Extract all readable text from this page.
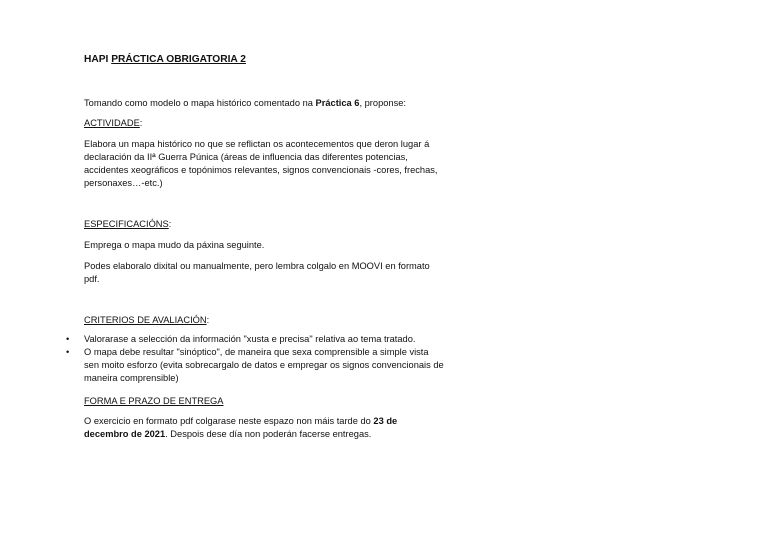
HAPI PRÁCTICA OBRIGATORIA 2
Tomando como modelo o mapa histórico comentado na Práctica 6, proponse:
ACTIVIDADE:
Elabora un mapa histórico no que se reflictan os acontecementos que deron lugar á declaración da IIª Guerra Púnica (áreas de influencia das diferentes potencias, accidentes xeográficos e topónimos relevantes, signos convencionais -cores, frechas, personaxes…-etc.)
ESPECIFICACIÓNS:
Emprega o mapa mudo da páxina seguinte.
Podes elaboralo dixital ou manualmente, pero lembra colgalo en MOOVI en formato pdf.
CRITERIOS DE AVALIACIÓN:
• Valorarase a selección da información "xusta e precisa" relativa ao tema tratado.
• O mapa debe resultar "sinóptico", de maneira que sexa comprensible a simple vista sen moito esforzo (evita sobrecargalo de datos e empregar os signos convencionais de maneira comprensible)
FORMA E PRAZO DE ENTREGA
O exercicio en formato pdf colgarase neste espazo non máis tarde do 23 de decembro de 2021. Despois dese día non poderán facerse entregas.
